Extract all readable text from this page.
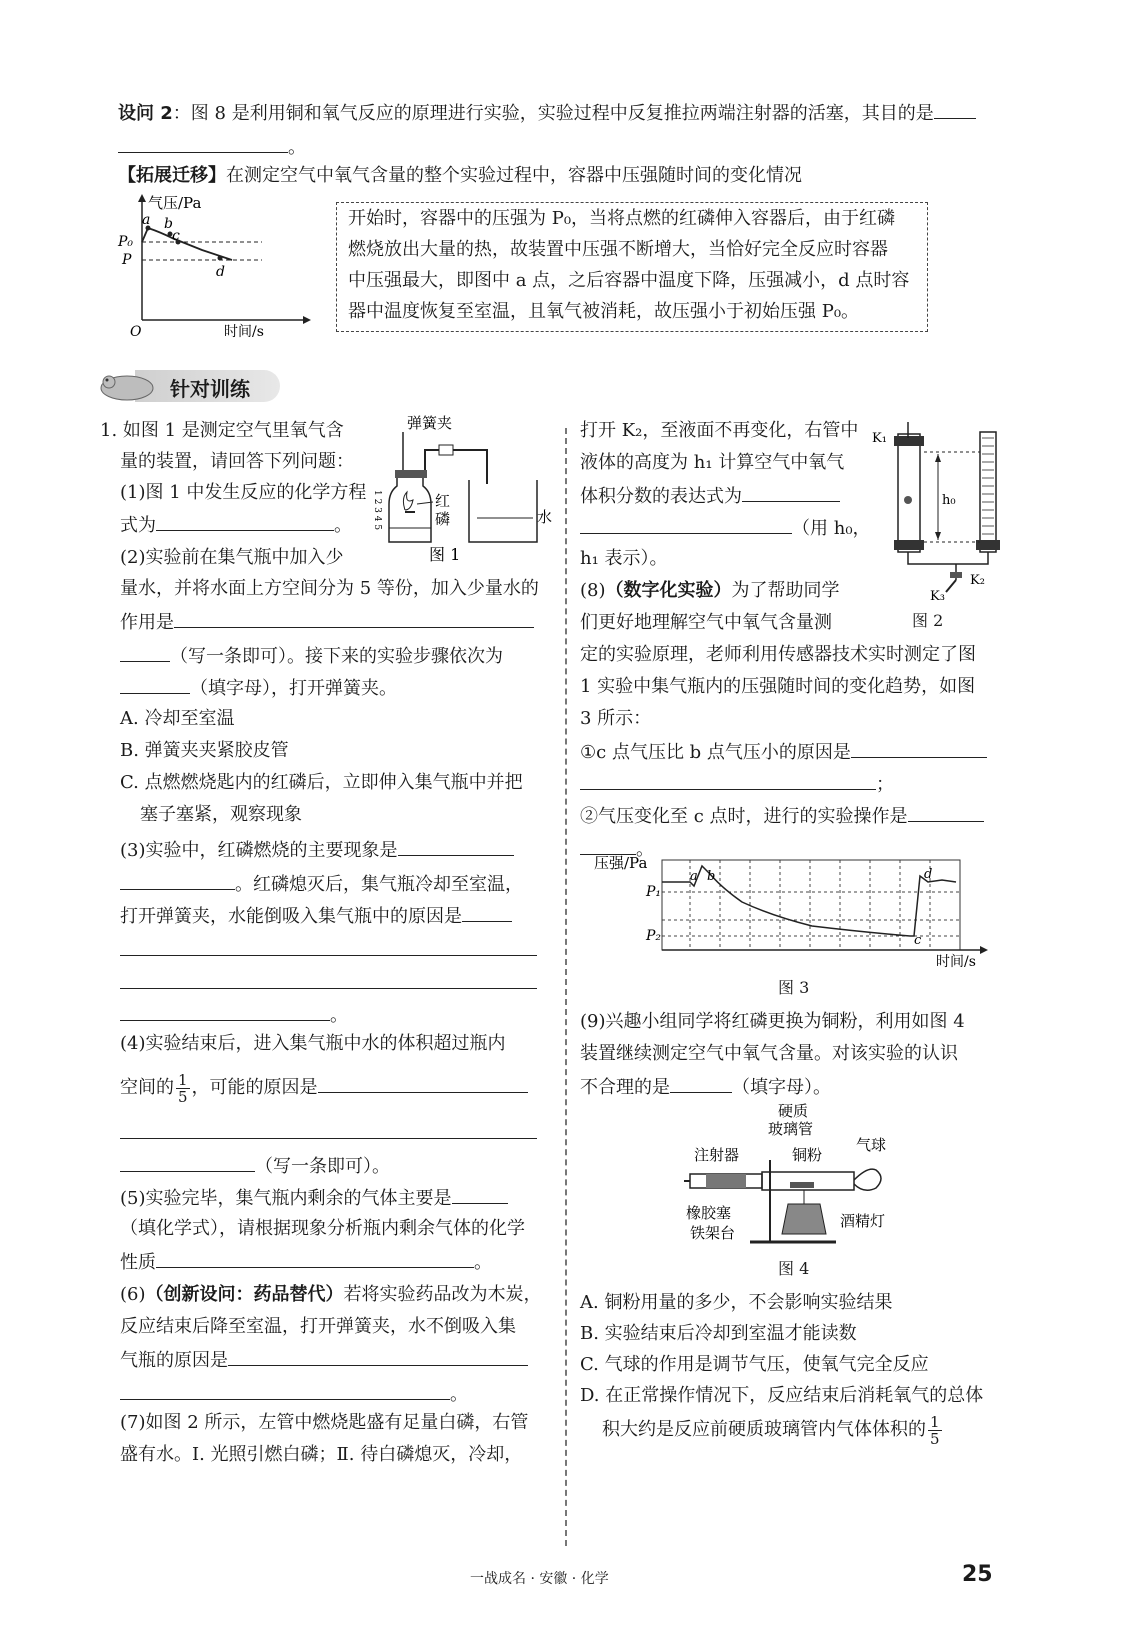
设问 2：图 8 是利用铜和氧气反应的原理进行实验，实验过程中反复推拉两端注射器的活塞，其目的是
。
【拓展迁移】在测定空气中氧气含量的整个实验过程中，容器中压强随时间的变化情况
气压/Pa
a b
c
d
P₀
P
O	时间/s
开始时，容器中的压强为 P₀，当将点燃的红磷伸入容器后，由于红磷
燃烧放出大量的热，故装置中压强不断增大，当恰好完全反应时容器
中压强最大，即图中 a 点，之后容器中温度下降，压强减小，d 点时容
器中温度恢复至室温，且氧气被消耗，故压强小于初始压强 P₀。
针对训练
1. 如图 1 是测定空气里氧气含
量的装置，请回答下列问题：
(1)图 1 中发生反应的化学方程
式为	。
(2)实验前在集气瓶中加入少
弹簧夹
1 2 3 4 5	红
磷	水
图 1
量水，并将水面上方空间分为 5 等份，加入少量水的
作用是
（写一条即可）。接下来的实验步骤依次为
（填字母），打开弹簧夹。
A. 冷却至室温
B. 弹簧夹夹紧胶皮管
C. 点燃燃烧匙内的红磷后，立即伸入集气瓶中并把
塞子塞紧，观察现象
(3)实验中，红磷燃烧的主要现象是
。红磷熄灭后，集气瓶冷却至室温，
打开弹簧夹，水能倒吸入集气瓶中的原因是
。
(4)实验结束后，进入集气瓶中水的体积超过瓶内
空间的 $\frac{1}{5}$ ，可能的原因是
（写一条即可）。
(5)实验完毕，集气瓶内剩余的气体主要是
（填化学式），请根据现象分析瓶内剩余气体的化学
性质	。
(6)（创新设问：药品替代）若将实验药品改为木炭，
反应结束后降至室温，打开弹簧夹，水不倒吸入集
气瓶的原因是
。
(7)如图 2 所示，左管中燃烧匙盛有足量白磷，右管
盛有水。Ⅰ. 光照引燃白磷；Ⅱ. 待白磷熄灭，冷却，
打开 K₂，至液面不再变化，右管中
液体的高度为 h₁ 计算空气中氧气
体积分数的表达式为
（用 h₀，
h₁ 表示）。
K₁
h₀
K₂
K₃
图 2
(8)（数字化实验）为了帮助同学
们更好地理解空气中氧气含量测
定的实验原理，老师利用传感器技术实时测定了图
1 实验中集气瓶内的压强随时间的变化趋势，如图
3 所示：
①c 点气压比 b 点气压小的原因是
；
②气压变化至 c 点时，进行的实验操作是
。
压强/Pa
a b
c
d
P₁
P₂
时间/s
图 3
(9)兴趣小组同学将红磷更换为铜粉，利用如图 4
装置继续测定空气中氧气含量。对该实验的认识
不合理的是	（填字母）。
硬质
玻璃管
注射器	铜粉
气球
橡胶塞
铁架台
酒精灯
图 4
A. 铜粉用量的多少，不会影响实验结果
B. 实验结束后冷却到室温才能读数
C. 气球的作用是调节气压，使氧气完全反应
D. 在正常操作情况下，反应结束后消耗氧气的总体
积大约是反应前硬质玻璃管内气体体积的 $\frac{1}{5}$
一战成名 · 安徽 · 化学	25
